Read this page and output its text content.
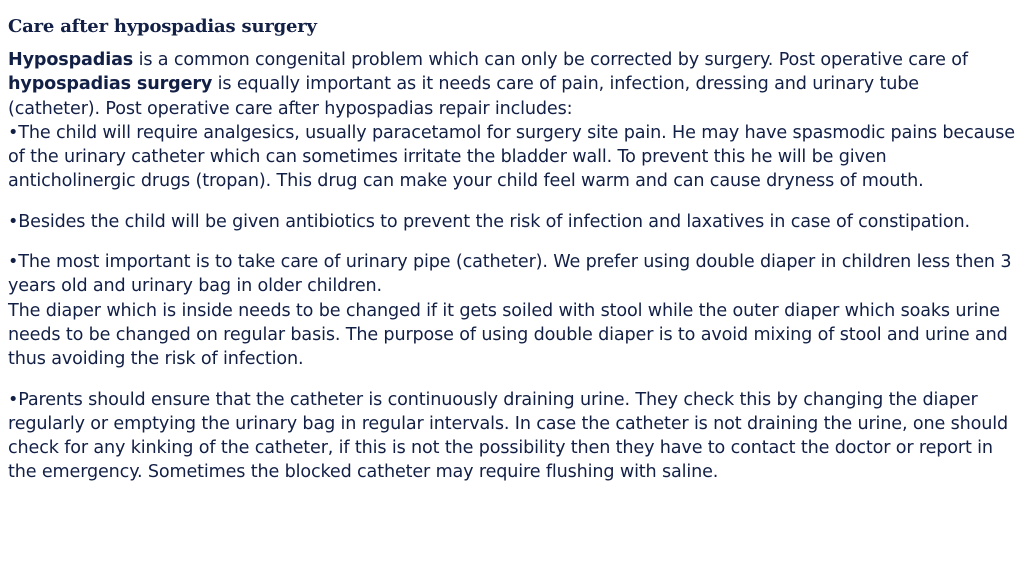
Care after hypospadias surgery
Hypospadias is a common congenital problem which can only be corrected by surgery. Post operative care of hypospadias surgery is equally important as it needs care of pain, infection, dressing and urinary tube (catheter). Post operative care after hypospadias repair includes:
•The child will require analgesics, usually paracetamol for surgery site pain. He may have spasmodic pains because of the urinary catheter which can sometimes irritate the bladder wall. To prevent this he will be given anticholinergic drugs (tropan). This drug can make your child feel warm and can cause dryness of mouth.
•Besides the child will be given antibiotics to prevent the risk of infection and laxatives in case of constipation.
•The most important is to take care of urinary pipe (catheter). We prefer using double diaper in children less then 3 years old and urinary bag in older children.
The diaper which is inside needs to be changed if it gets soiled with stool while the outer diaper which soaks urine needs to be changed on regular basis. The purpose of using double diaper is to avoid mixing of stool and urine and thus avoiding the risk of infection.
•Parents should ensure that the catheter is continuously draining urine. They check this by changing the diaper regularly or emptying the urinary bag in regular intervals. In case the catheter is not draining the urine, one should check for any kinking of the catheter, if this is not the possibility then they have to contact the doctor or report in the emergency. Sometimes the blocked catheter may require flushing with saline.
